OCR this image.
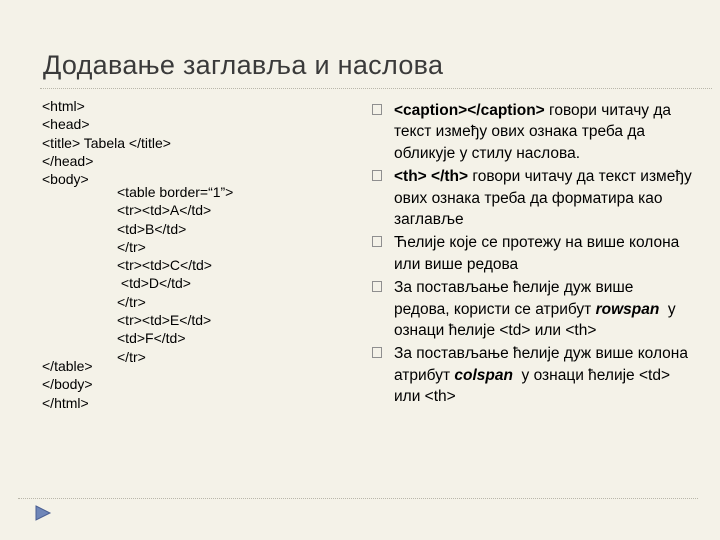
Додавање заглавља и наслова
<html>
<head>
<title> Tabela </title>
</head>
<body>
<table border=“1”>
<tr><td>A</td>
<td>B</td>
</tr>
<tr><td>C</td>
<td>D</td>
</tr>
<tr><td>E</td>
<td>F</td>
</tr>
</table>
</body>
</html>
<caption></caption> говори читачу да текст између ових ознака треба да обликује у стилу наслова.
<th> </th> говори читачу да текст између ових ознака треба да форматира као заглавље
Ћелије које се протежу на више колона или више редова
За постављање ћелије дуж више редова, користи се атрибут rowspan  у ознаци ћелије <td> или <th>
За постављање ћелије дуж више колона атрибут colspan  у ознаци ћелије <td> или <th>
